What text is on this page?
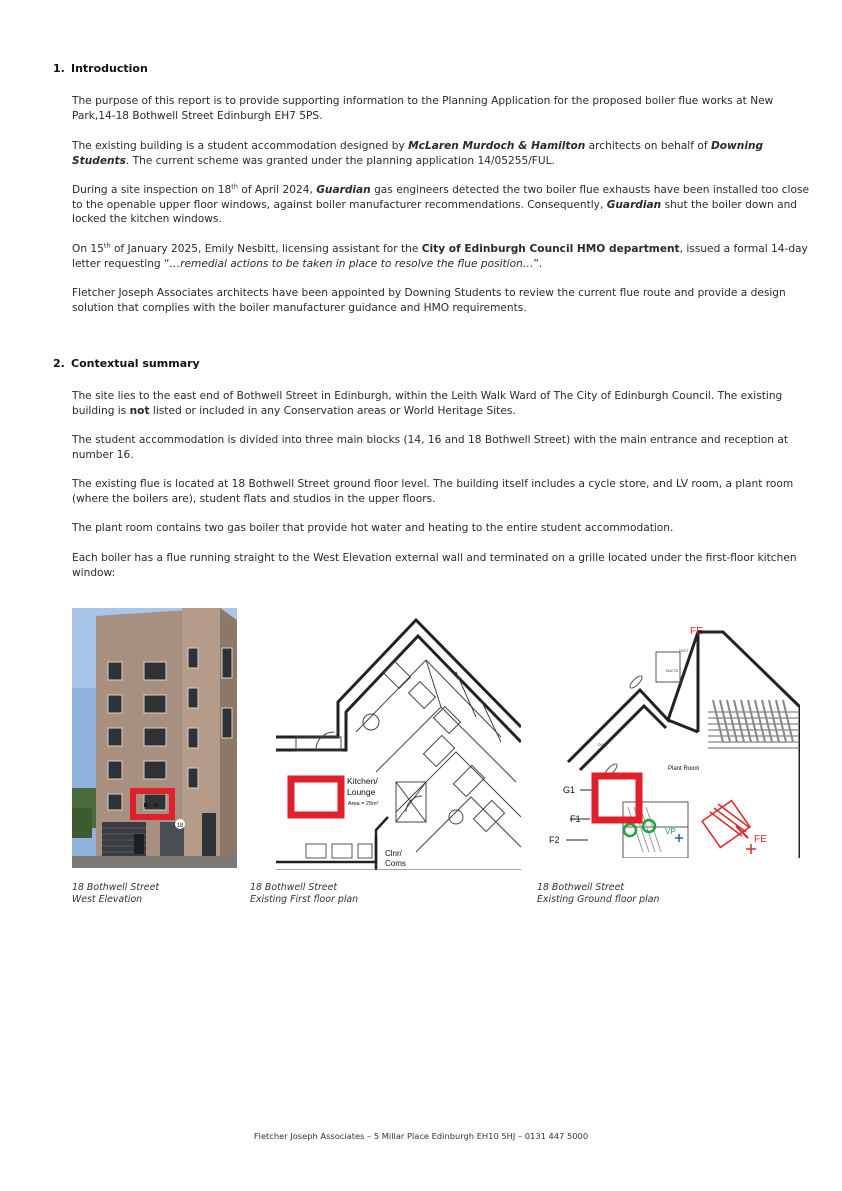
1. Introduction
The purpose of this report is to provide supporting information to the Planning Application for the proposed boiler flue works at New Park,14-18 Bothwell Street Edinburgh EH7 5PS.
The existing building is a student accommodation designed by McLaren Murdoch & Hamilton architects on behalf of Downing Students. The current scheme was granted under the planning application 14/05255/FUL.
During a site inspection on 18th of April 2024, Guardian gas engineers detected the two boiler flue exhausts have been installed too close to the openable upper floor windows, against boiler manufacturer recommendations. Consequently, Guardian shut the boiler down and locked the kitchen windows.
On 15th of January 2025, Emily Nesbitt, licensing assistant for the City of Edinburgh Council HMO department, issued a formal 14-day letter requesting “…remedial actions to be taken in place to resolve the flue position…”.
Fletcher Joseph Associates architects have been appointed by Downing Students to review the current flue route and provide a design solution that complies with the boiler manufacturer guidance and HMO requirements.
2. Contextual summary
The site lies to the east end of Bothwell Street in Edinburgh, within the Leith Walk Ward of The City of Edinburgh Council. The existing building is not listed or included in any Conservation areas or World Heritage Sites.
The student accommodation is divided into three main blocks (14, 16 and 18 Bothwell Street) with the main entrance and reception at number 16.
The existing flue is located at 18 Bothwell Street ground floor level. The building itself includes a cycle store, and LV room, a plant room (where the boilers are), student flats and studios in the upper floors.
The plant room contains two gas boiler that provide hot water and heating to the entire student accommodation.
Each boiler has a flue running straight to the West Elevation external wall and terminated on a grille located under the first-floor kitchen window:
18
18 Bothwell Street
West Elevation
Kitchen/
Lounge
Area = 25m²
Clnr/
Coms
18 Bothwell Street
Existing First floor plan
FE
FE
G1
F1
F2
VP
Plant Room
DUCT
DUCTS
DUCT
18 Bothwell Street
Existing Ground floor plan
Fletcher Joseph Associates – 5 Millar Place Edinburgh EH10 5HJ – 0131 447 5000
